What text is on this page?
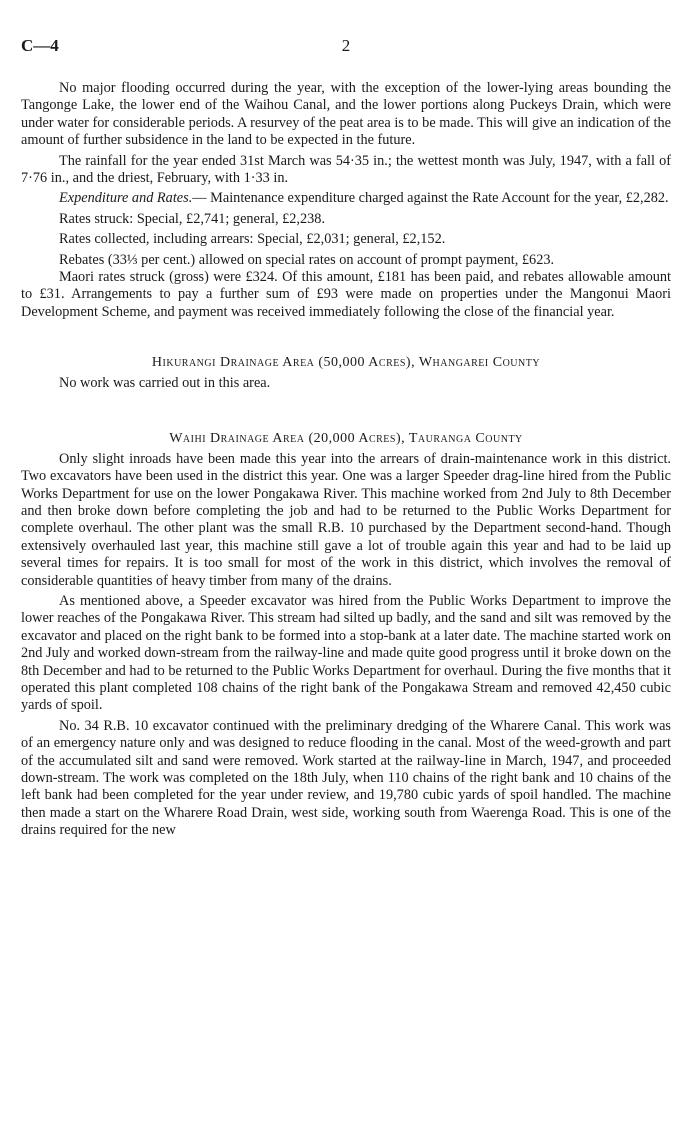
C—4	2

No major flooding occurred during the year, with the exception of the lower-lying areas bounding the Tangonge Lake, the lower end of the Waihou Canal, and the lower portions along Puckeys Drain, which were under water for considerable periods. A resurvey of the peat area is to be made. This will give an indication of the amount of further subsidence in the land to be expected in the future.

The rainfall for the year ended 31st March was 54·35 in.; the wettest month was July, 1947, with a fall of 7·76 in., and the driest, February, with 1·33 in.

Expenditure and Rates.— Maintenance expenditure charged against the Rate Account for the year, £2,282.

Rates struck: Special, £2,741; general, £2,238.

Rates collected, including arrears: Special, £2,031; general, £2,152.

Rebates (33⅓ per cent.) allowed on special rates on account of prompt payment, £623.

Maori rates struck (gross) were £324. Of this amount, £181 has been paid, and rebates allowable amount to £31. Arrangements to pay a further sum of £93 were made on properties under the Mangonui Maori Development Scheme, and payment was received immediately following the close of the financial year.

Hikurangi Drainage Area (50,000 Acres), Whangarei County

No work was carried out in this area.

Waihi Drainage Area (20,000 Acres), Tauranga County

Only slight inroads have been made this year into the arrears of drain-maintenance work in this district. Two excavators have been used in the district this year. One was a larger Speeder drag-line hired from the Public Works Department for use on the lower Pongakawa River. This machine worked from 2nd July to 8th December and then broke down before completing the job and had to be returned to the Public Works Department for complete overhaul. The other plant was the small R.B. 10 purchased by the Department second-hand. Though extensively overhauled last year, this machine still gave a lot of trouble again this year and had to be laid up several times for repairs. It is too small for most of the work in this district, which involves the removal of considerable quantities of heavy timber from many of the drains.

As mentioned above, a Speeder excavator was hired from the Public Works Department to improve the lower reaches of the Pongakawa River. This stream had silted up badly, and the sand and silt was removed by the excavator and placed on the right bank to be formed into a stop-bank at a later date. The machine started work on 2nd July and worked down-stream from the railway-line and made quite good progress until it broke down on the 8th December and had to be returned to the Public Works Department for overhaul. During the five months that it operated this plant completed 108 chains of the right bank of the Pongakawa Stream and removed 42,450 cubic yards of spoil.

No. 34 R.B. 10 excavator continued with the preliminary dredging of the Wharere Canal. This work was of an emergency nature only and was designed to reduce flooding in the canal. Most of the weed-growth and part of the accumulated silt and sand were removed. Work started at the railway-line in March, 1947, and proceeded down-stream. The work was completed on the 18th July, when 110 chains of the right bank and 10 chains of the left bank had been completed for the year under review, and 19,780 cubic yards of spoil handled. The machine then made a start on the Wharere Road Drain, west side, working south from Waerenga Road. This is one of the drains required for the new
